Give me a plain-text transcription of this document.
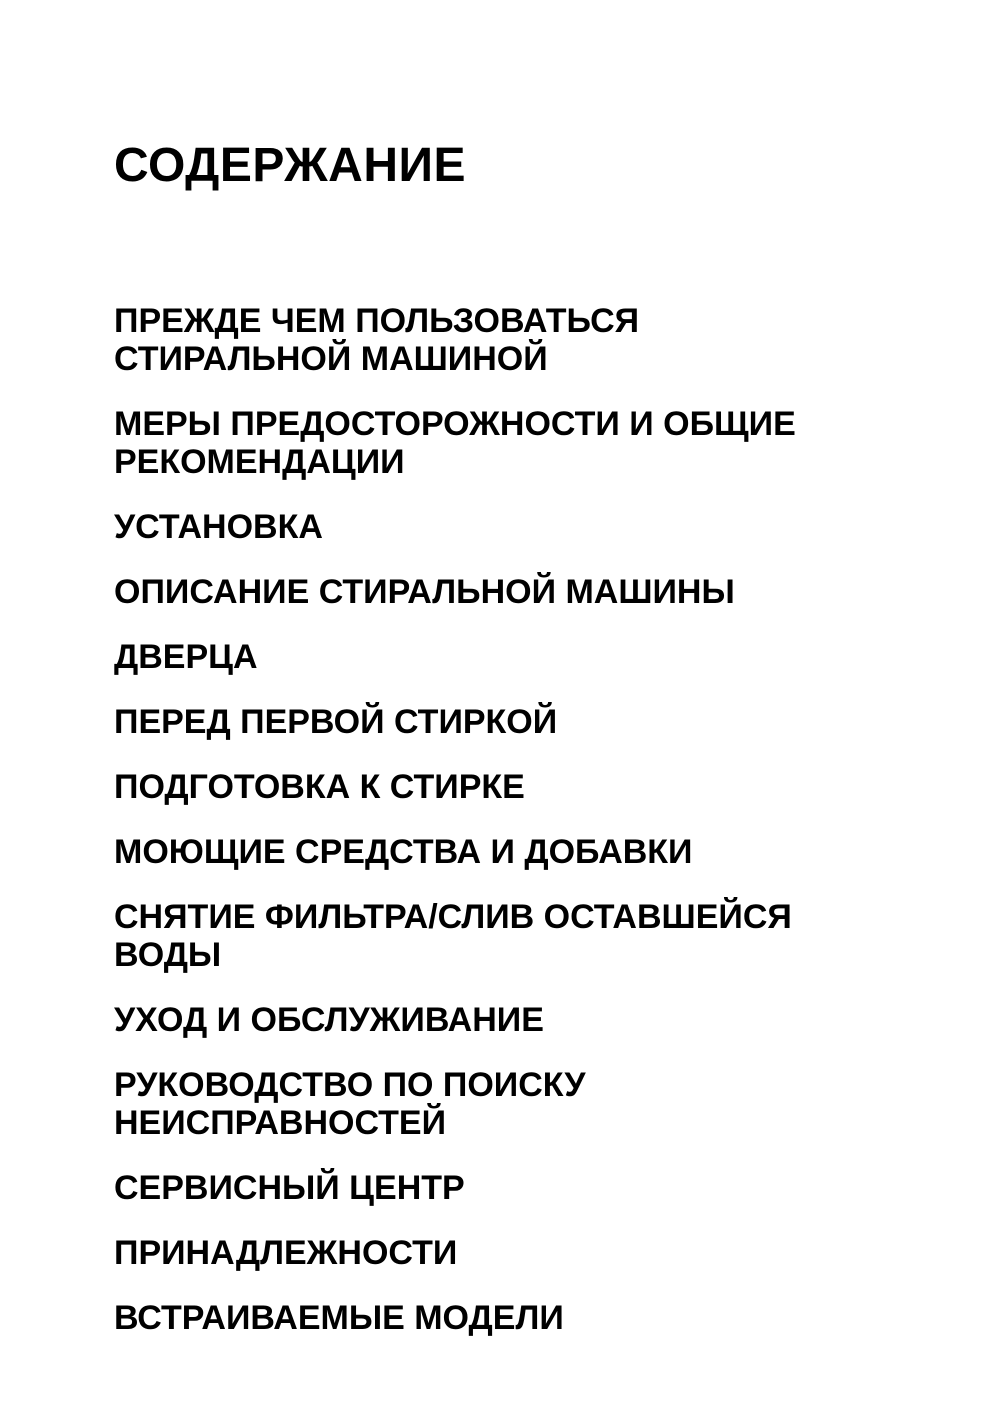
СОДЕРЖАНИЕ
ПРЕЖДЕ ЧЕМ ПОЛЬЗОВАТЬСЯ
СТИРАЛЬНОЙ МАШИНОЙ
МЕРЫ ПРЕДОСТОРОЖНОСТИ И ОБЩИЕ
РЕКОМЕНДАЦИИ
УСТАНОВКА
ОПИСАНИЕ СТИРАЛЬНОЙ МАШИНЫ
ДВЕРЦА
ПЕРЕД ПЕРВОЙ СТИРКОЙ
ПОДГОТОВКА К СТИРКЕ
МОЮЩИЕ СРЕДСТВА И ДОБАВКИ
СНЯТИЕ ФИЛЬТРА/СЛИВ ОСТАВШЕЙСЯ
ВОДЫ
УХОД И ОБСЛУЖИВАНИЕ
РУКОВОДСТВО ПО ПОИСКУ
НЕИСПРАВНОСТЕЙ
СЕРВИСНЫЙ ЦЕНТР
ПРИНАДЛЕЖНОСТИ
ВСТРАИВАЕМЫЕ МОДЕЛИ
